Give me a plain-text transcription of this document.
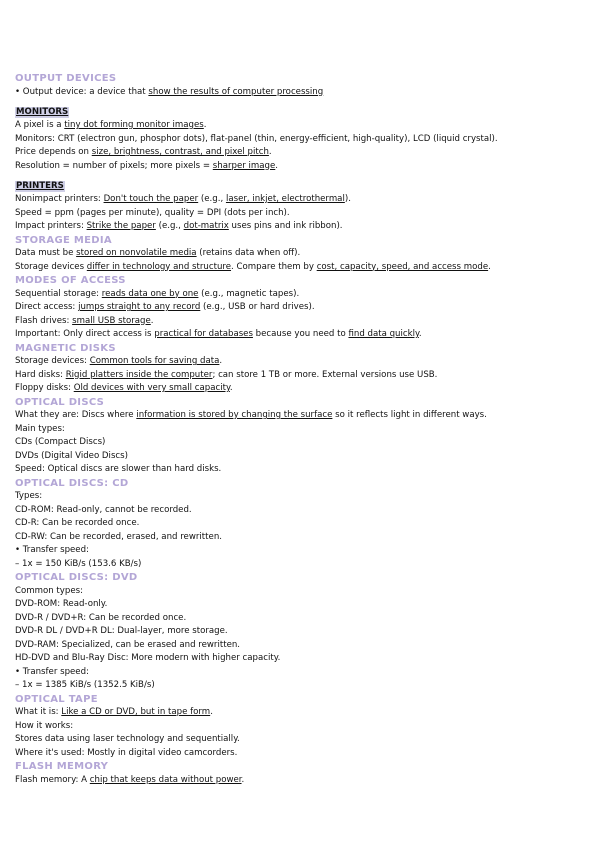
OUTPUT DEVICES
• Output device: a device that show the results of computer processing
MONITORS
A pixel is a tiny dot forming monitor images.
Monitors: CRT (electron gun, phosphor dots), flat-panel (thin, energy-efficient, high-quality), LCD (liquid crystal).
Price depends on size, brightness, contrast, and pixel pitch.
Resolution = number of pixels; more pixels = sharper image.
PRINTERS
Nonimpact printers: Don't touch the paper (e.g., laser, inkjet, electrothermal).
Speed = ppm (pages per minute), quality = DPI (dots per inch).
Impact printers: Strike the paper (e.g., dot-matrix uses pins and ink ribbon).
STORAGE MEDIA
Data must be stored on nonvolatile media (retains data when off).
Storage devices differ in technology and structure. Compare them by cost, capacity, speed, and access mode.
MODES OF ACCESS
Sequential storage: reads data one by one (e.g., magnetic tapes).
Direct access: jumps straight to any record (e.g., USB or hard drives).
Flash drives: small USB storage.
Important: Only direct access is practical for databases because you need to find data quickly.
MAGNETIC DISKS
Storage devices: Common tools for saving data.
Hard disks: Rigid platters inside the computer; can store 1 TB or more. External versions use USB.
Floppy disks: Old devices with very small capacity.
OPTICAL DISCS
What they are: Discs where information is stored by changing the surface so it reflects light in different ways.
Main types:
CDs (Compact Discs)
DVDs (Digital Video Discs)
Speed: Optical discs are slower than hard disks.
OPTICAL DISCS: CD
Types:
CD-ROM: Read-only, cannot be recorded.
CD-R: Can be recorded once.
CD-RW: Can be recorded, erased, and rewritten.
• Transfer speed:
– 1x = 150 KiB/s (153.6 KB/s)
OPTICAL DISCS: DVD
Common types:
DVD-ROM: Read-only.
DVD-R / DVD+R: Can be recorded once.
DVD-R DL / DVD+R DL: Dual-layer, more storage.
DVD-RAM: Specialized, can be erased and rewritten.
HD-DVD and Blu-Ray Disc: More modern with higher capacity.
• Transfer speed:
– 1x = 1385 KiB/s (1352.5 KiB/s)
OPTICAL TAPE
What it is: Like a CD or DVD, but in tape form.
How it works:
Stores data using laser technology and sequentially.
Where it's used: Mostly in digital video camcorders.
FLASH MEMORY
Flash memory: A chip that keeps data without power.
